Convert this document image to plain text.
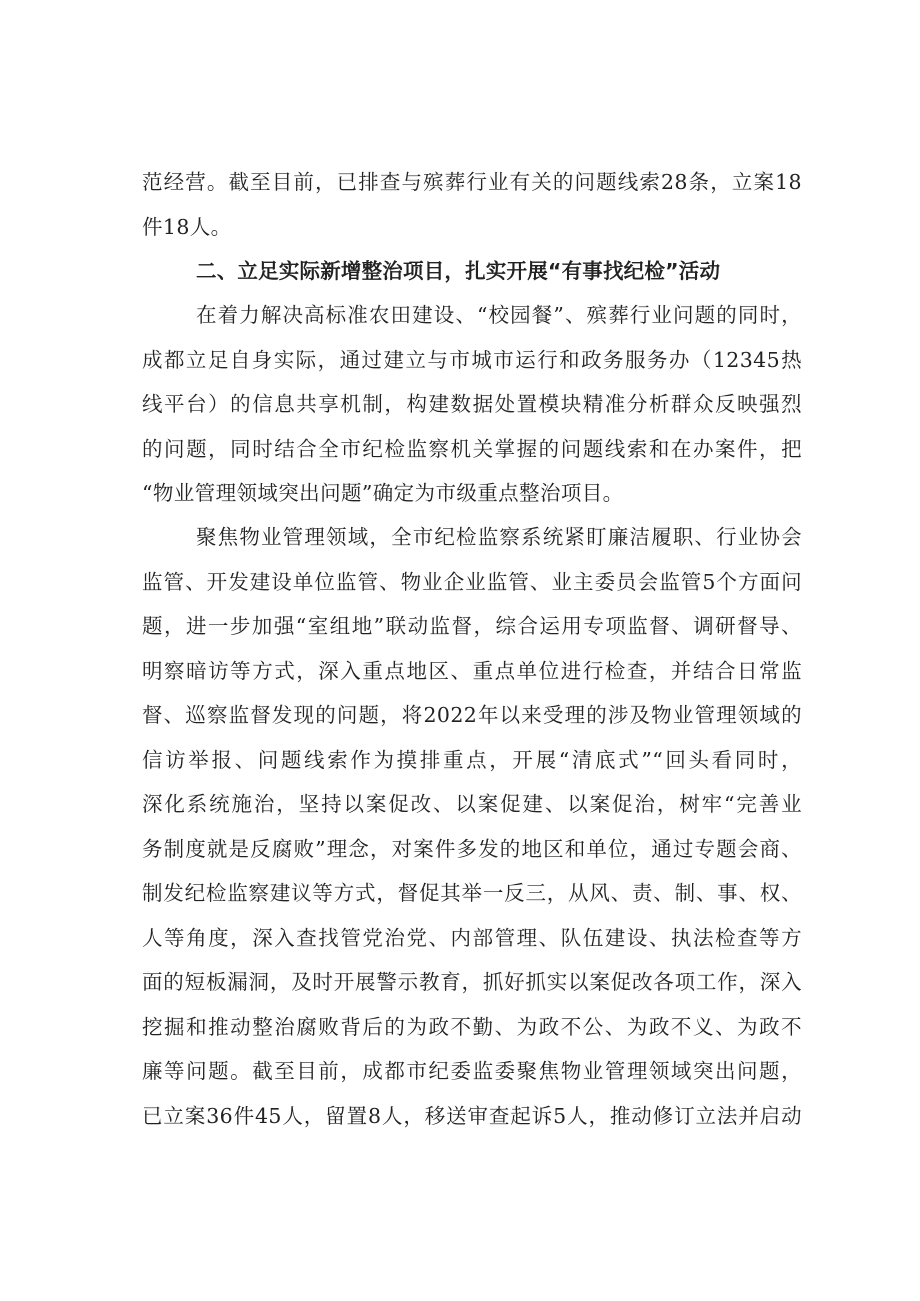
范经营。截至目前，已排查与殡葬行业有关的问题线索28条，立案18
件18人。
二、立足实际新增整治项目，扎实开展“有事找纪检”活动
在着力解决高标准农田建设、“校园餐”、殡葬行业问题的同时，
成都立足自身实际，通过建立与市城市运行和政务服务办（12345热
线平台）的信息共享机制，构建数据处置模块精准分析群众反映强烈
的问题，同时结合全市纪检监察机关掌握的问题线索和在办案件，把
“物业管理领域突出问题”确定为市级重点整治项目。
聚焦物业管理领域，全市纪检监察系统紧盯廉洁履职、行业协会
监管、开发建设单位监管、物业企业监管、业主委员会监管5个方面问
题，进一步加强“室组地”联动监督，综合运用专项监督、调研督导、
明察暗访等方式，深入重点地区、重点单位进行检查，并结合日常监
督、巡察监督发现的问题，将2022年以来受理的涉及物业管理领域的
信访举报、问题线索作为摸排重点，开展“清底式”“回头看同时，
深化系统施治，坚持以案促改、以案促建、以案促治，树牢“完善业
务制度就是反腐败”理念，对案件多发的地区和单位，通过专题会商、
制发纪检监察建议等方式，督促其举一反三，从风、责、制、事、权、
人等角度，深入查找管党治党、内部管理、队伍建设、执法检查等方
面的短板漏洞，及时开展警示教育，抓好抓实以案促改各项工作，深入
挖掘和推动整治腐败背后的为政不勤、为政不公、为政不义、为政不
廉等问题。截至目前，成都市纪委监委聚焦物业管理领域突出问题，
已立案36件45人，留置8人，移送审查起诉5人，推动修订立法并启动
